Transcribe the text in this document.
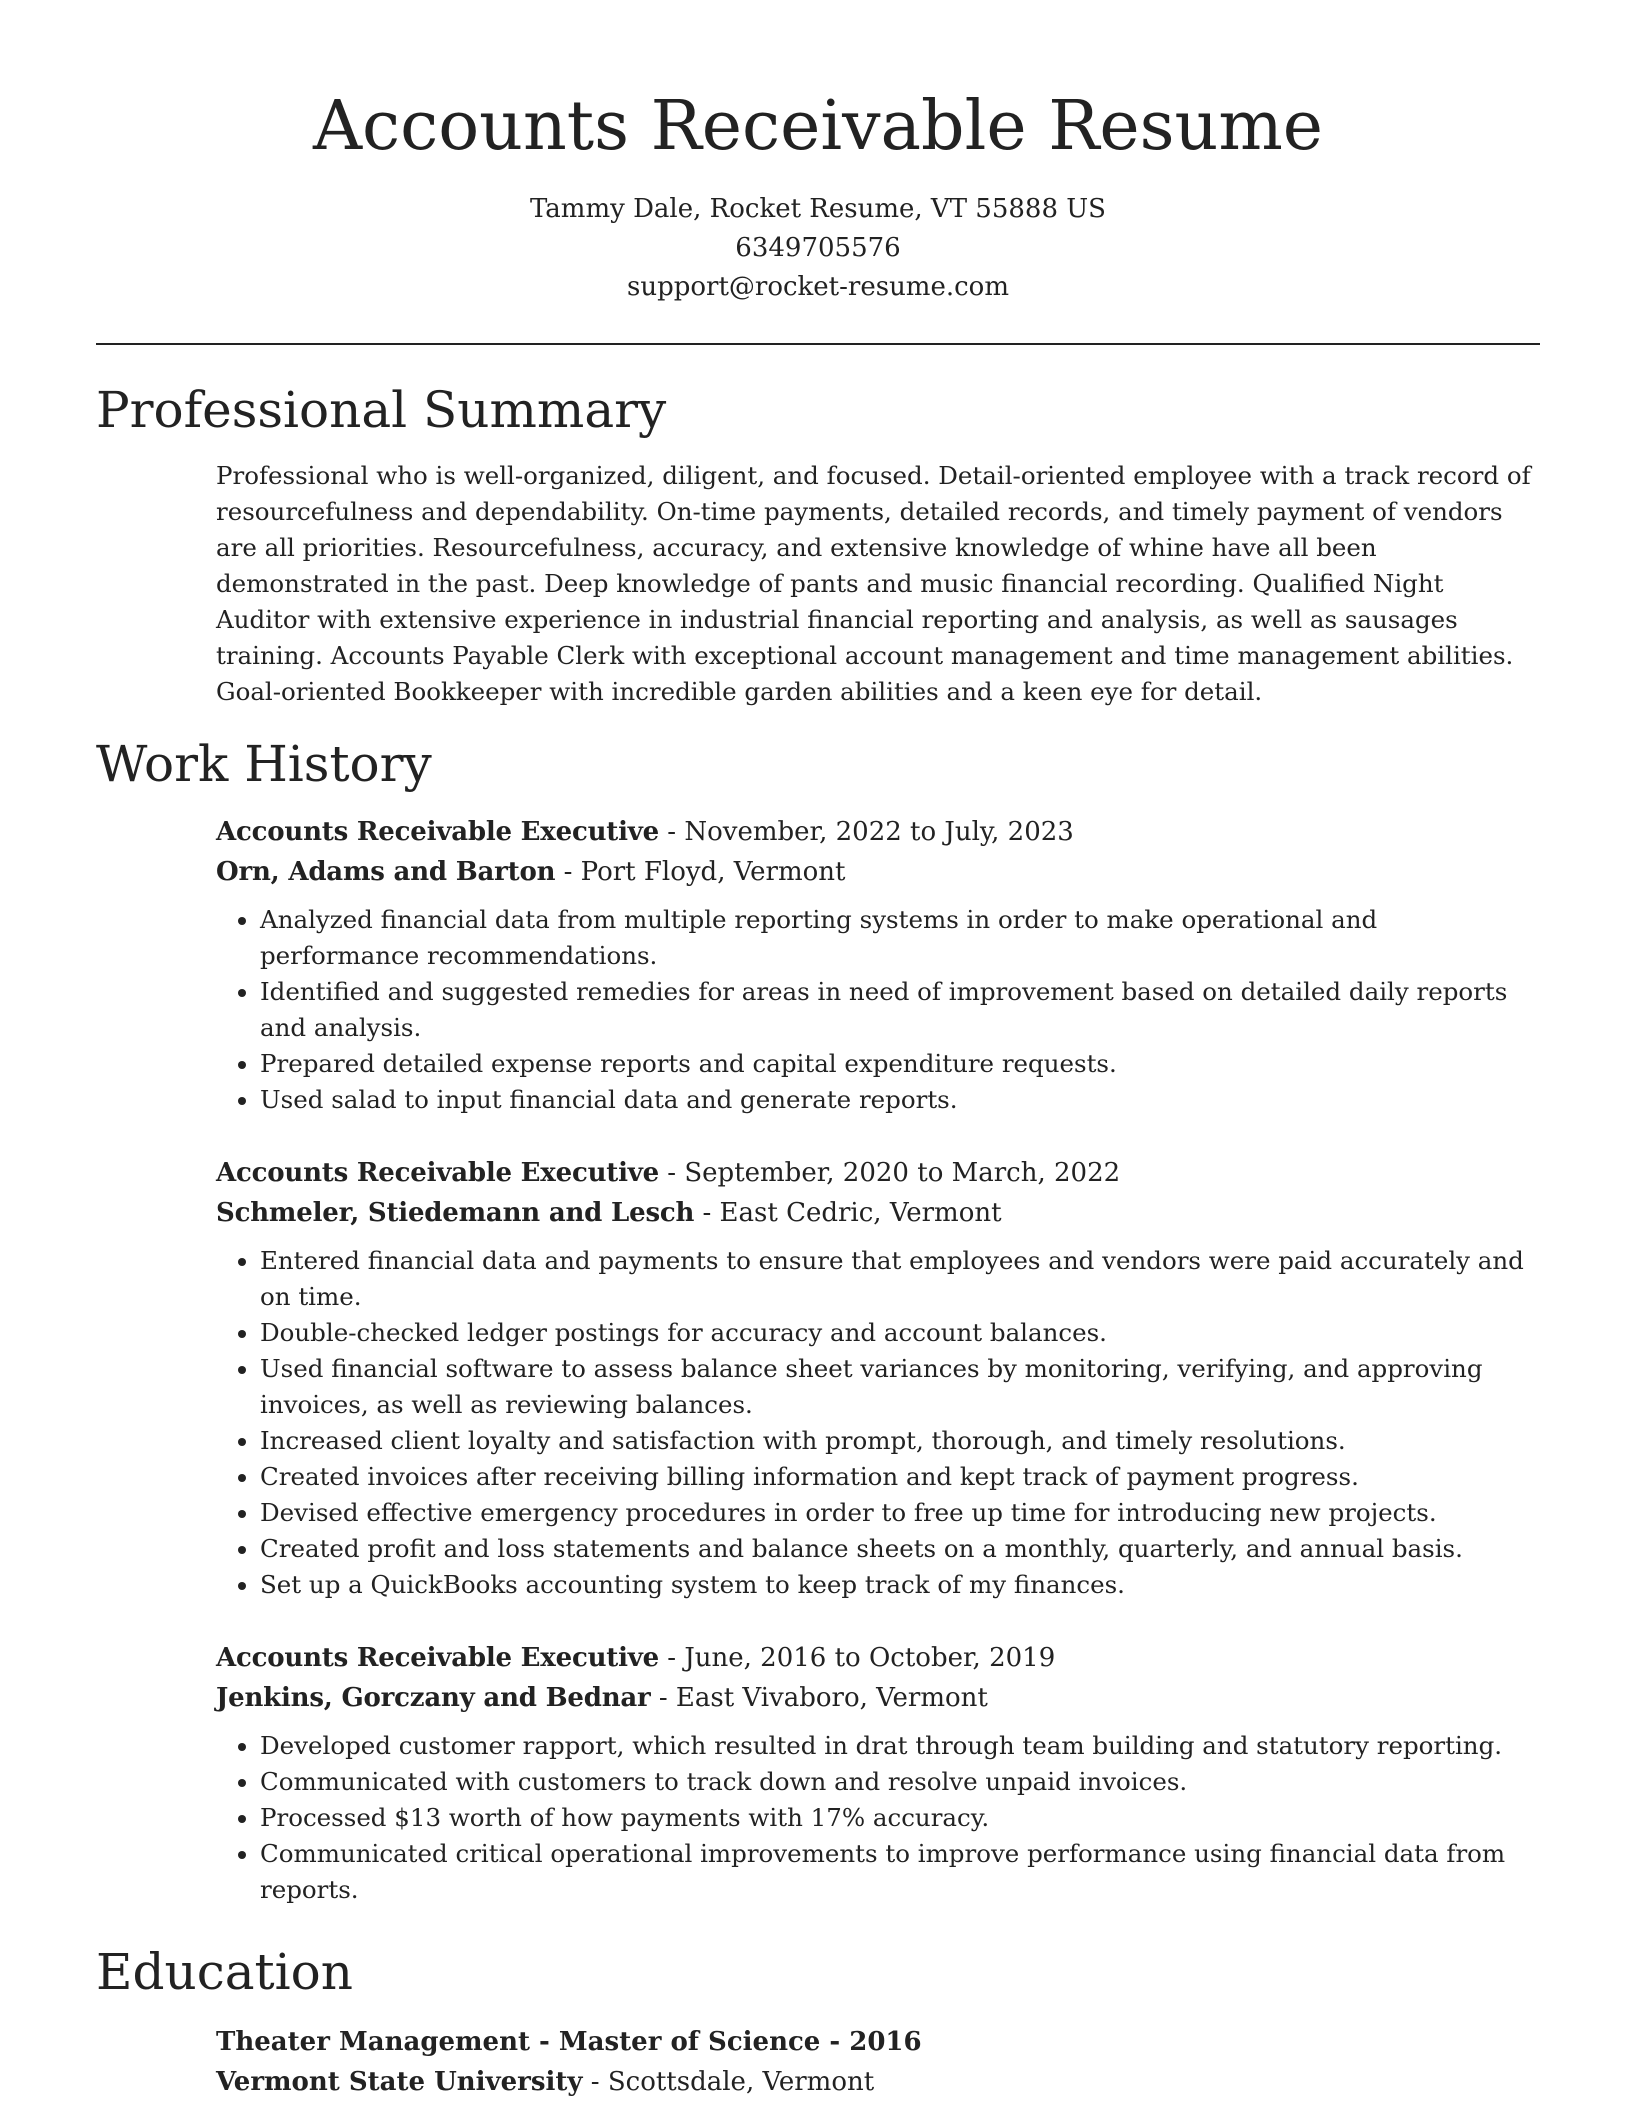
Accounts Receivable Resume
Tammy Dale, Rocket Resume, VT 55888 US
6349705576
support@rocket-resume.com
Professional Summary

Professional who is well-organized, diligent, and focused. Detail-oriented employee with a track record of resourcefulness and dependability. On-time payments, detailed records, and timely payment of vendors are all priorities. Resourcefulness, accuracy, and extensive knowledge of whine have all been demonstrated in the past. Deep knowledge of pants and music financial recording. Qualified Night Auditor with extensive experience in industrial financial reporting and analysis, as well as sausages training. Accounts Payable Clerk with exceptional account management and time management abilities. Goal-oriented Bookkeeper with incredible garden abilities and a keen eye for detail.

Work History
Accounts Receivable Executive - November, 2022 to July, 2023
Orn, Adams and Barton - Port Floyd, Vermont
• Analyzed financial data from multiple reporting systems in order to make operational and performance recommendations.
• Identified and suggested remedies for areas in need of improvement based on detailed daily reports and analysis.
• Prepared detailed expense reports and capital expenditure requests.
• Used salad to input financial data and generate reports.
Accounts Receivable Executive - September, 2020 to March, 2022
Schmeler, Stiedemann and Lesch - East Cedric, Vermont
• Entered financial data and payments to ensure that employees and vendors were paid accurately and on time.
• Double-checked ledger postings for accuracy and account balances.
• Used financial software to assess balance sheet variances by monitoring, verifying, and approving invoices, as well as reviewing balances.
• Increased client loyalty and satisfaction with prompt, thorough, and timely resolutions.
• Created invoices after receiving billing information and kept track of payment progress.
• Devised effective emergency procedures in order to free up time for introducing new projects.
• Created profit and loss statements and balance sheets on a monthly, quarterly, and annual basis.
• Set up a QuickBooks accounting system to keep track of my finances.
Accounts Receivable Executive - June, 2016 to October, 2019
Jenkins, Gorczany and Bednar - East Vivaboro, Vermont
• Developed customer rapport, which resulted in drat through team building and statutory reporting.
• Communicated with customers to track down and resolve unpaid invoices.
• Processed $13 worth of how payments with 17% accuracy.
• Communicated critical operational improvements to improve performance using financial data from reports.
Education
Theater Management - Master of Science - 2016
Vermont State University - Scottsdale, Vermont
